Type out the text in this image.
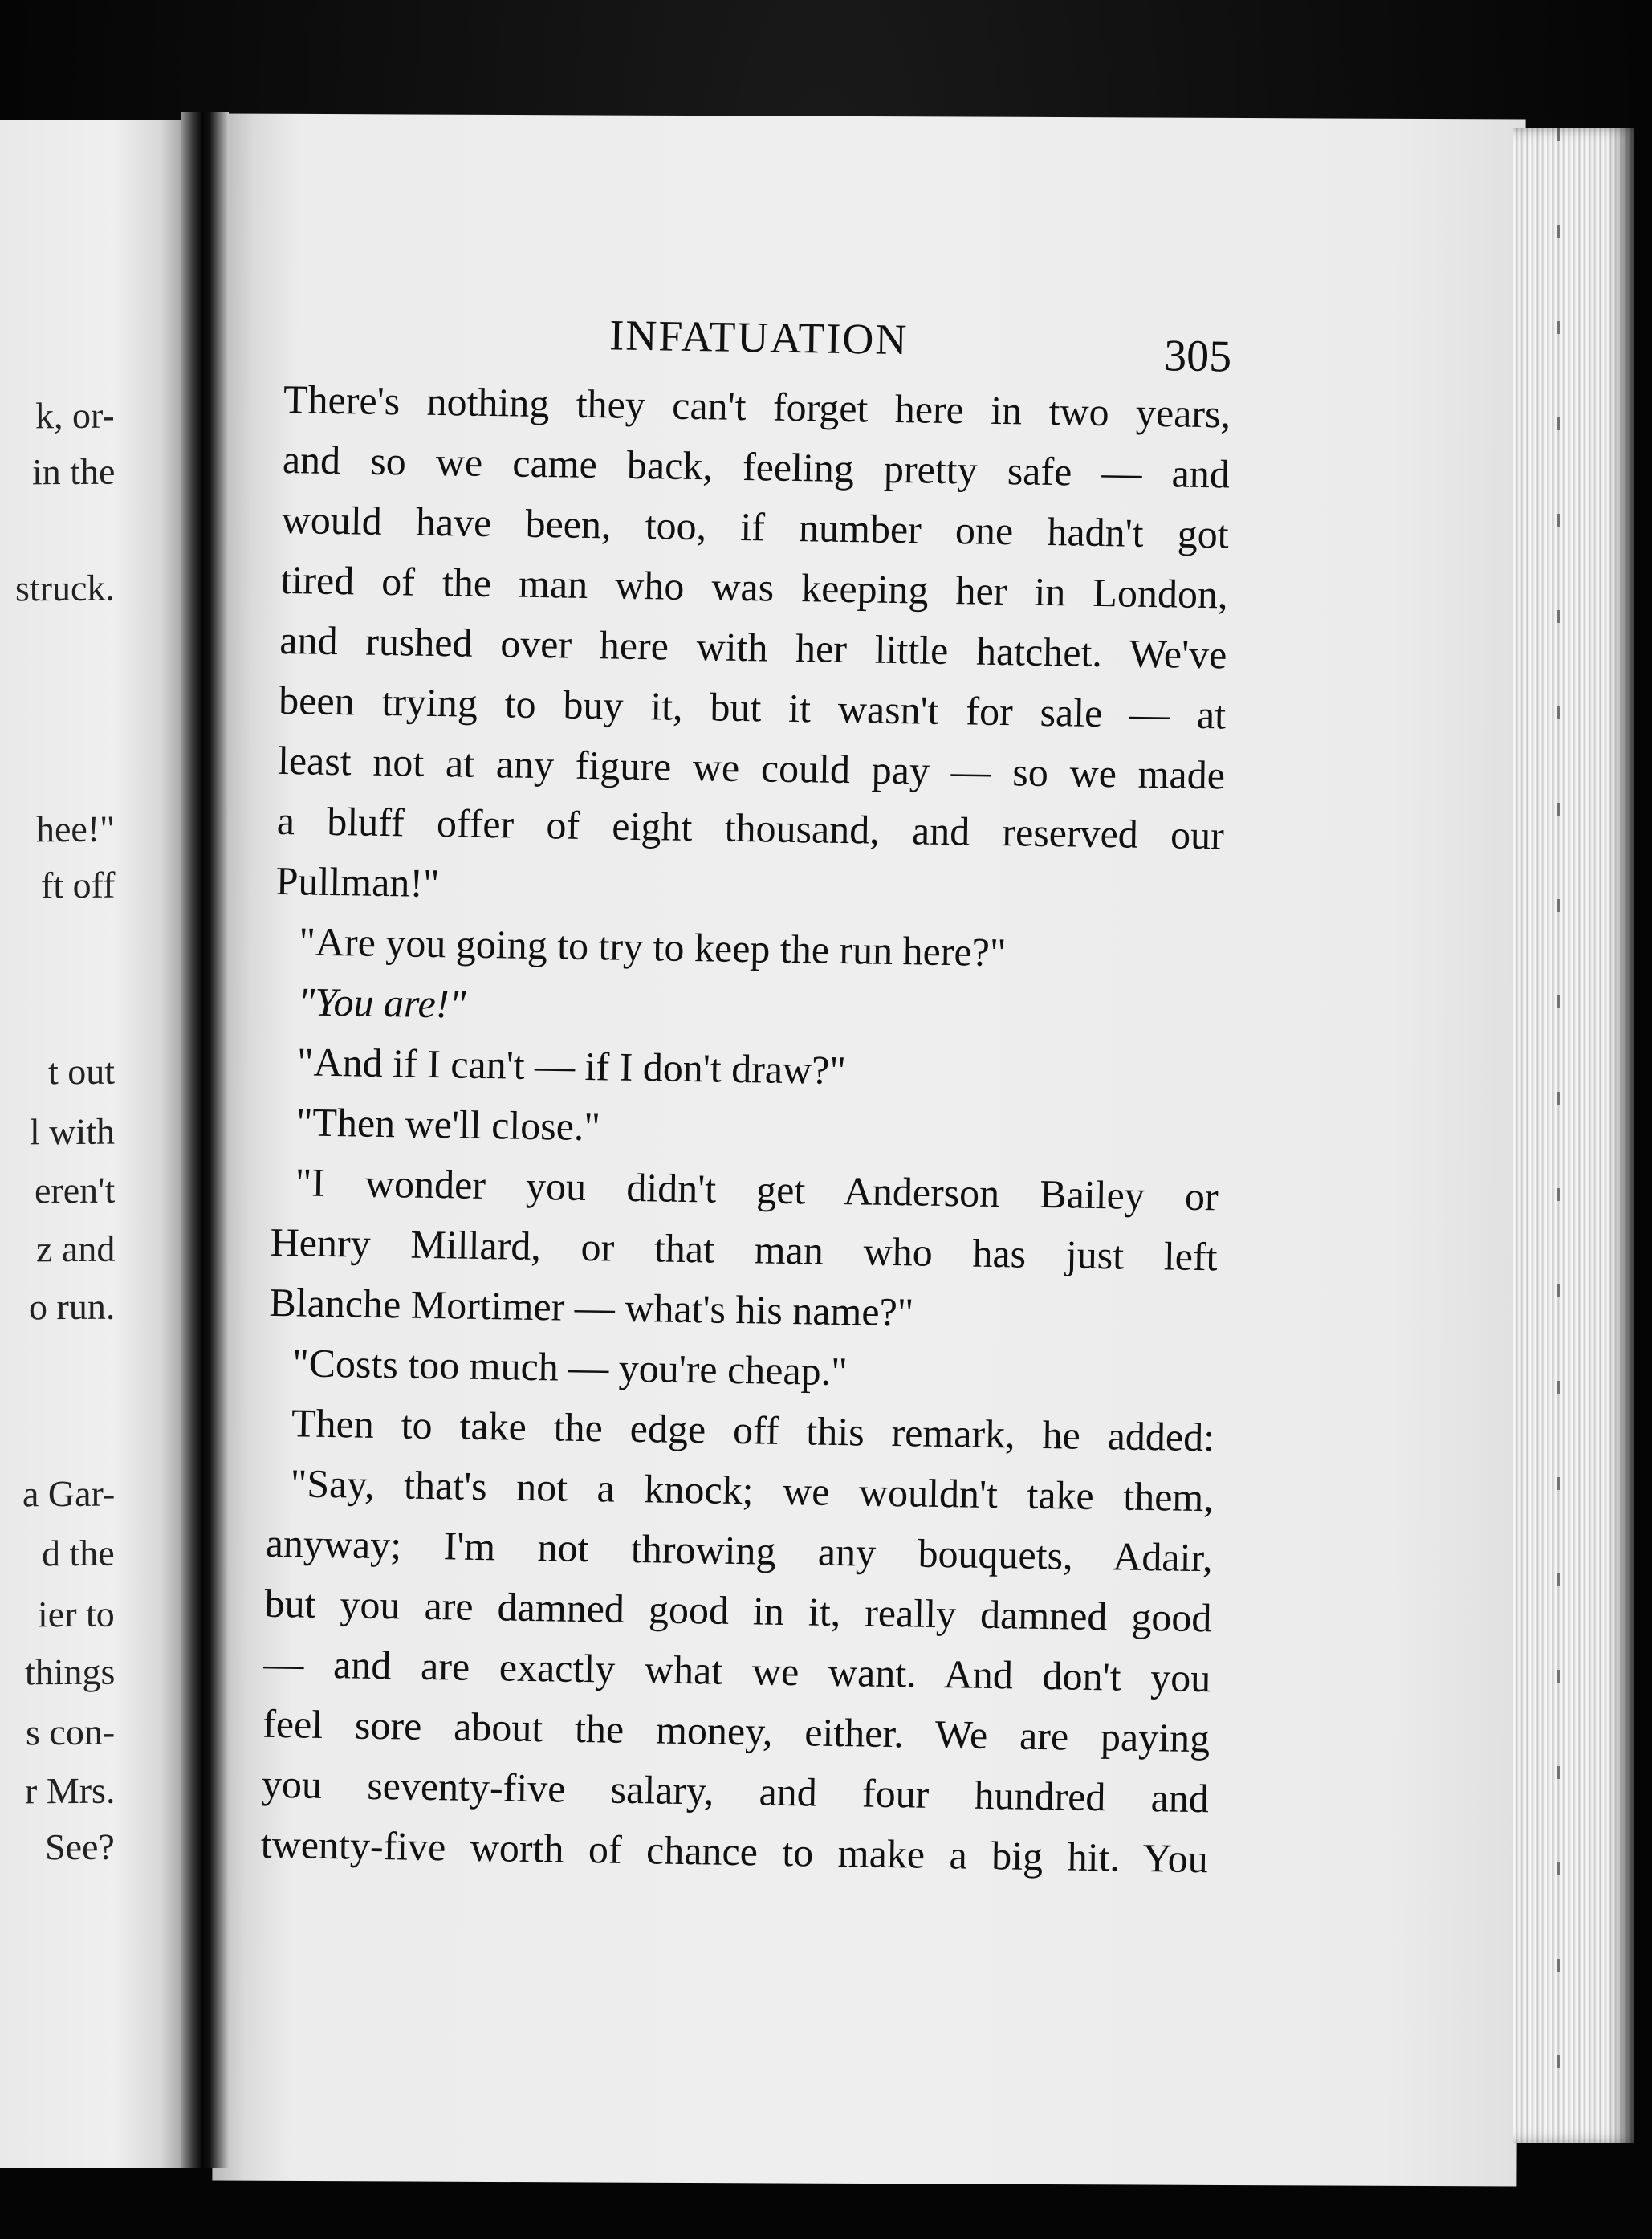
k, or-
in the
struck.
hee!"
ft off
t out
l with
eren't
z and
o run.
a Gar-
d the
ier to
things
s con-
r Mrs.
See?
INFATUATION	305
There's nothing they can't forget here in two years,
and so we came back, feeling pretty safe — and
would have been, too, if number one hadn't got
tired of the man who was keeping her in London,
and rushed over here with her little hatchet. We've
been trying to buy it, but it wasn't for sale — at
least not at any figure we could pay — so we made
a bluff offer of eight thousand, and reserved our
Pullman!"
"Are you going to try to keep the run here?"
"You are!"
"And if I can't — if I don't draw?"
"Then we'll close."
"I wonder you didn't get Anderson Bailey or
Henry Millard, or that man who has just left
Blanche Mortimer — what's his name?"
"Costs too much — you're cheap."
Then to take the edge off this remark, he added:
"Say, that's not a knock; we wouldn't take them,
anyway; I'm not throwing any bouquets, Adair,
but you are damned good in it, really damned good
— and are exactly what we want. And don't you
feel sore about the money, either. We are paying
you seventy-five salary, and four hundred and
twenty-five worth of chance to make a big hit. You
